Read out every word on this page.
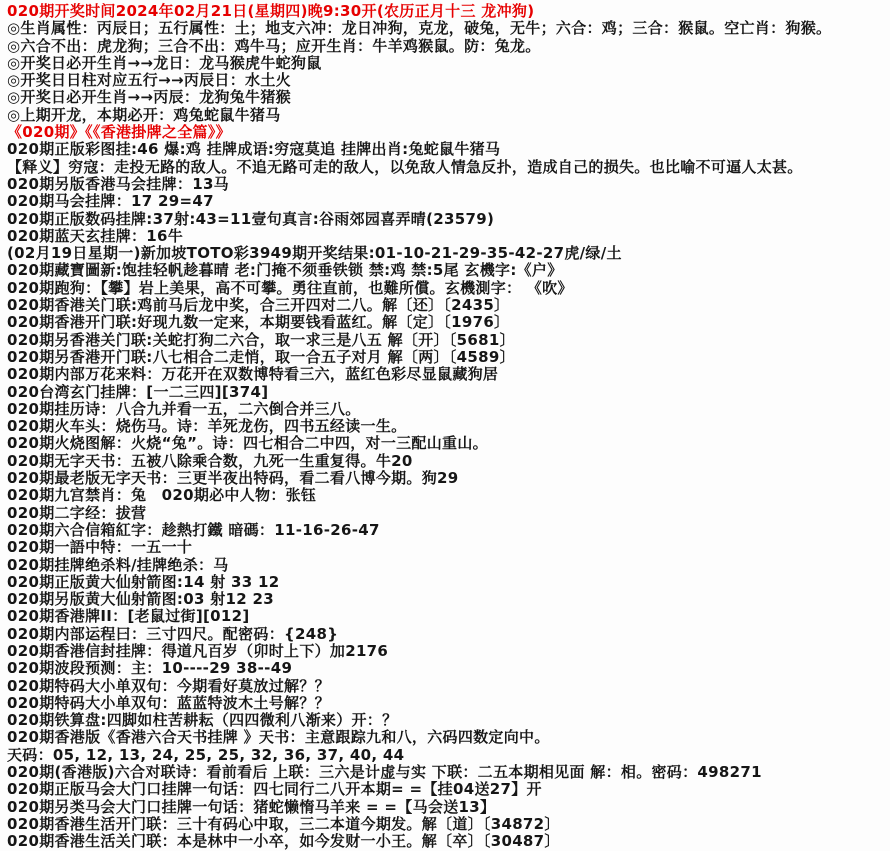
020期开奖时间2024年02月21日(星期四)晚9:30开(农历正月十三 龙冲狗)
◎生肖属性：丙辰日；五行属性：土；地支六冲：龙日冲狗，克龙，破兔，无牛；六合：鸡；三合：猴鼠。空亡肖：狗猴。
◎六合不出：虎龙狗；三合不出：鸡牛马；应开生肖：牛羊鸡猴鼠。防：兔龙。
◎开奖日必开生肖→→龙日：龙马猴虎牛蛇狗鼠
◎开奖日日柱对应五行→→丙辰日：水土火
◎开奖日必开生肖→→丙辰：龙狗兔牛猪猴
◎上期开龙，本期必开：鸡兔蛇鼠牛猪马
《020期》《《香港掛牌之全篇》》
020期正版彩图挂:46 爆:鸡 挂牌成语:穷寇莫追 挂牌出肖:兔蛇鼠牛猪马
【释义】穷寇：走投无路的敌人。不追无路可走的敌人，以免敌人情急反扑，造成自己的损失。也比喻不可逼人太甚。
020期另版香港马会挂牌：13马
020期马会挂牌：17 29=47
020期正版数码挂牌:37射:43=11壹句真言:谷雨郊园喜弄晴(23579)
020期蓝天玄挂牌：16牛
(02月19日星期一)新加坡TOTO彩3949期开奖结果:01-10-21-29-35-42-27虎/绿/土
020期藏寶圖新:饱挂轻帆趁暮晴 老:门掩不须垂铁锁 禁:鸡 禁:5尾 玄機字:《户》
020期跑狗：【攀】岩上美果，高不可攀。勇往直前，也難所償。玄機測字： 《吹》
020期香港关门联:鸡前马后龙中奖，合三开四对二八。解〔还〕〔2435〕
020期香港开门联:好现九数一定来，本期要钱看蓝红。解〔定〕〔1976〕
020期另香港关门联:关蛇打狗二六合，取一求三是八五 解〔开〕〔5681〕
020期另香港开门联:八七相合二走悄，取一合五子对月 解〔两〕〔4589〕
020期内部万花来料：万花开在双数博特看三六，蓝红色彩尽显鼠藏狗居
020台湾玄门挂牌：[一二三四][374]
020期挂历诗：八合九并看一五，二六倒合并三八。
020期火车头：烧伤马。诗：羊死龙伤，四书五经读一生。
020期火烧图解：火烧“兔”。诗：四七相合二中四，对一三配山重山。
020期无字天书：五被八除乘合数，九死一生重复得。牛20
020期最老版无字天书：三更半夜出特码，看二看八博今期。狗29
020期九宫禁肖：兔　020期必中人物：张钰
020期二字经：拔营
020期六合信箱紅字：趁熱打鐵 暗碼：11-16-26-47
020期一語中特：一五一十
020期挂牌绝杀料/挂牌绝杀：马
020期正版黄大仙射箭图:14 射 33 12
020期另版黄大仙射箭图:03 射12 23
020期香港牌II：[老鼠过街][012]
020期内部运程曰：三寸四尺。配密码：{248}
020期香港信封挂牌：得道凡百岁（卯时上下）加2176
020期波段预测：主：10----29 38--49
020期特码大小单双句：今期看好莫放过解？？
020期特码大小单双句：蓝蓝特波木土号解？？
020期铁算盘:四脚如柱苦耕耘（四四微利八渐来）开：？
020期香港版《香港六合天书挂牌 》天书：主意跟踪九和八，六码四数定向中。
天码：05, 12, 13, 24, 25, 25, 32, 36, 37, 40, 44
020期(香港版)六合对联诗：看前看后 上联：三六是计虚与实 下联：二五本期相见面 解：相。密码：498271
020期正版马会大门口挂牌一句话：四七同行二八开本期= =【挂04送27】开
020期另类马会大门口挂牌一句话：猪蛇懒惰马羊来 = =【马会送13】
020期香港生活开门联：三十有码心中取，三二本道今期发。解〔道〕〔34872〕
020期香港生活关门联：本是林中一小卒，如今发财一小王。解〔卒〕〔30487〕
